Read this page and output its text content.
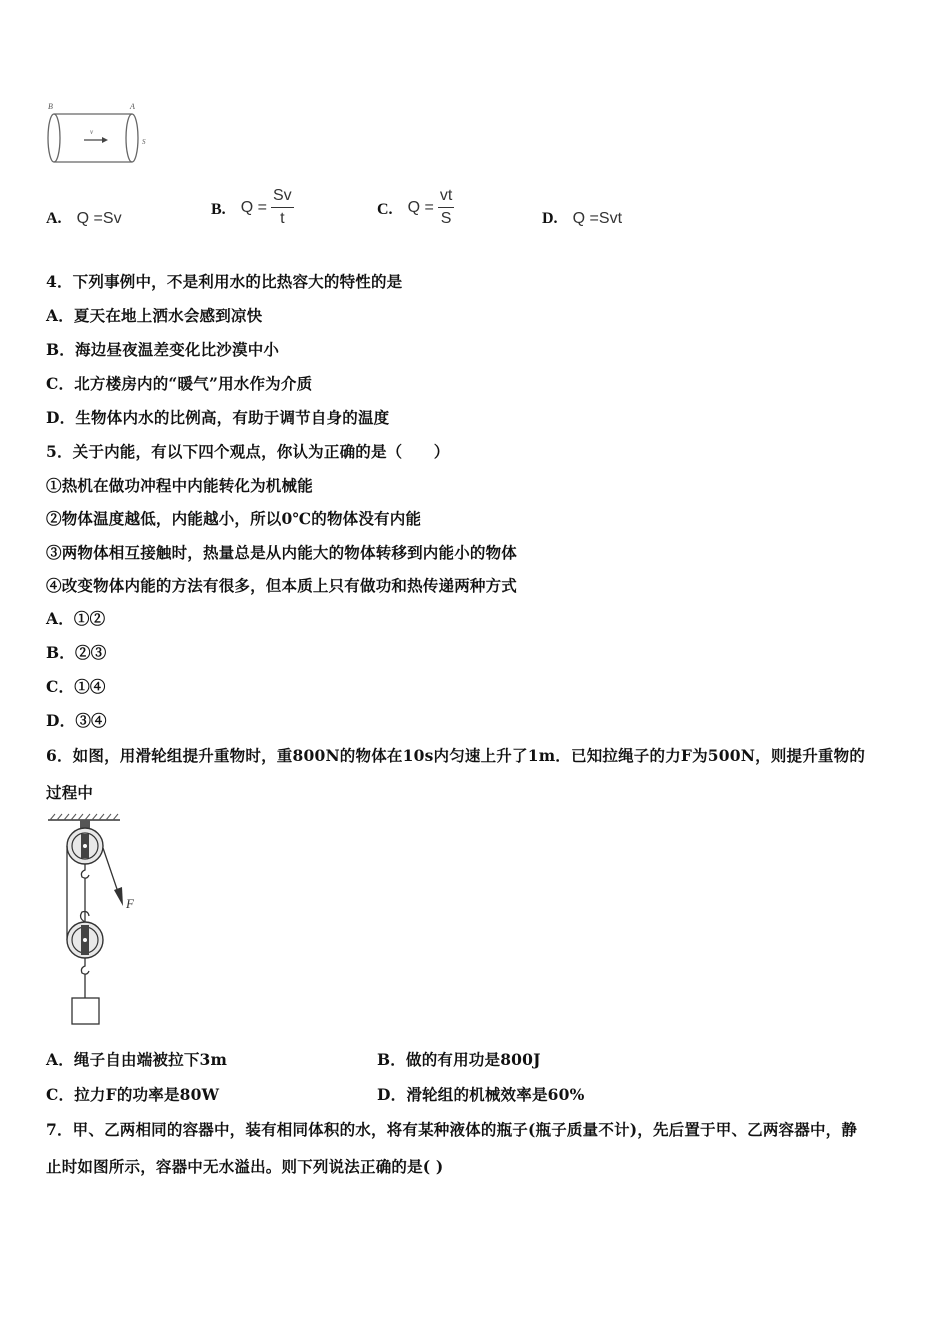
B	A
v
S
A. Q =Sv
B. $Q = \frac{Sv}{t}$	C. $Q = \frac{vt}{S}$	D. Q =Svt
4．下列事例中，不是利用水的比热容大的特性的是
A．夏天在地上洒水会感到凉快
B．海边昼夜温差变化比沙漠中小
C．北方楼房内的“暖气”用水作为介质
D．生物体内水的比例高，有助于调节自身的温度
5．关于内能，有以下四个观点，你认为正确的是（　　）
①热机在做功冲程中内能转化为机械能
②物体温度越低，内能越小，所以0℃的物体没有内能
③两物体相互接触时，热量总是从内能大的物体转移到内能小的物体
④改变物体内能的方法有很多，但本质上只有做功和热传递两种方式
A．①②
B．②③
C．①④
D．③④
6．如图，用滑轮组提升重物时，重800N的物体在10s内匀速上升了1m．已知拉绳子的力F为500N，则提升重物的
过程中
F
A．绳子自由端被拉下3m	B．做的有用功是800J
C．拉力F的功率是80W	D．滑轮组的机械效率是60%
7．甲、乙两相同的容器中，装有相同体积的水，将有某种液体的瓶子(瓶子质量不计)，先后置于甲、乙两容器中，静
止时如图所示，容器中无水溢出。则下列说法正确的是( )
